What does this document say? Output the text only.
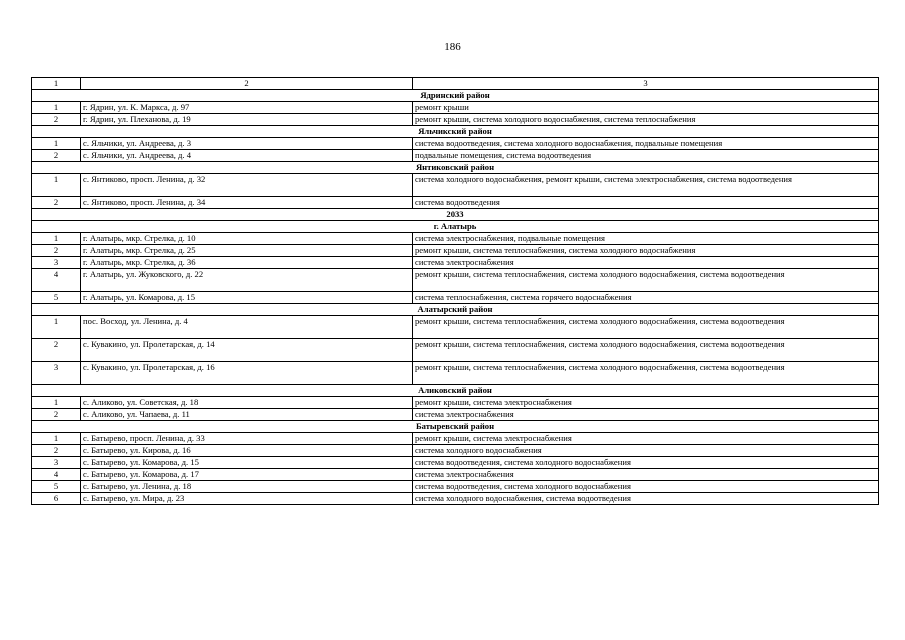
186
1	2	3
Ядринский район		
1	г. Ядрин, ул. К. Маркса, д. 97	ремонт крыши
2	г. Ядрин, ул. Плеханова, д. 19	ремонт крыши, система холодного водоснабжения, система теплоснабжения
Яльчикский район		
1	с. Яльчики, ул. Андреева, д. 3	система водоотведения, система холодного водоснабжения, подвальные помещения
2	с. Яльчики, ул. Андреева, д. 4	подвальные помещения, система водоотведения
Янтиковский район		
1	с. Янтиково, просп. Ленина, д. 32	система холодного водоснабжения, ремонт крыши, система электроснабжения, система водоотведения
2	с. Янтиково, просп. Ленина, д. 34	система водоотведения
2033		
г. Алатырь		
1	г. Алатырь, мкр. Стрелка, д. 10	система электроснабжения, подвальные помещения
2	г. Алатырь, мкр. Стрелка, д. 25	ремонт крыши, система теплоснабжения, система холодного водоснабжения
3	г. Алатырь, мкр. Стрелка, д. 36	система электроснабжения
4	г. Алатырь, ул. Жуковского, д. 22	ремонт крыши, система теплоснабжения, система холодного водоснабжения, система водоотведения
5	г. Алатырь, ул. Комарова, д. 15	система теплоснабжения, система горячего водоснабжения
Алатырский район		
1	пос. Восход, ул. Ленина, д. 4	ремонт крыши, система теплоснабжения, система холодного водоснабжения, система водоотведения
2	с. Кувакино, ул. Пролетарская, д. 14	ремонт крыши, система теплоснабжения, система холодного водоснабжения, система водоотведения
3	с. Кувакино, ул. Пролетарская, д. 16	ремонт крыши, система теплоснабжения, система холодного водоснабжения, система водоотведения
Аликовский район		
1	с. Аликово, ул. Советская, д. 18	ремонт крыши, система электроснабжения
2	с. Аликово, ул. Чапаева, д. 11	система электроснабжения
Батыревский район		
1	с. Батырево, просп. Ленина, д. 33	ремонт крыши, система электроснабжения
2	с. Батырево, ул. Кирова, д. 16	система холодного водоснабжения
3	с. Батырево, ул. Комарова, д. 15	система водоотведения, система холодного водоснабжения
4	с. Батырево, ул. Комарова, д. 17	система электроснабжения
5	с. Батырево, ул. Ленина, д. 18	система водоотведения, система холодного водоснабжения
6	с. Батырево, ул. Мира, д. 23	система холодного водоснабжения, система водоотведения
